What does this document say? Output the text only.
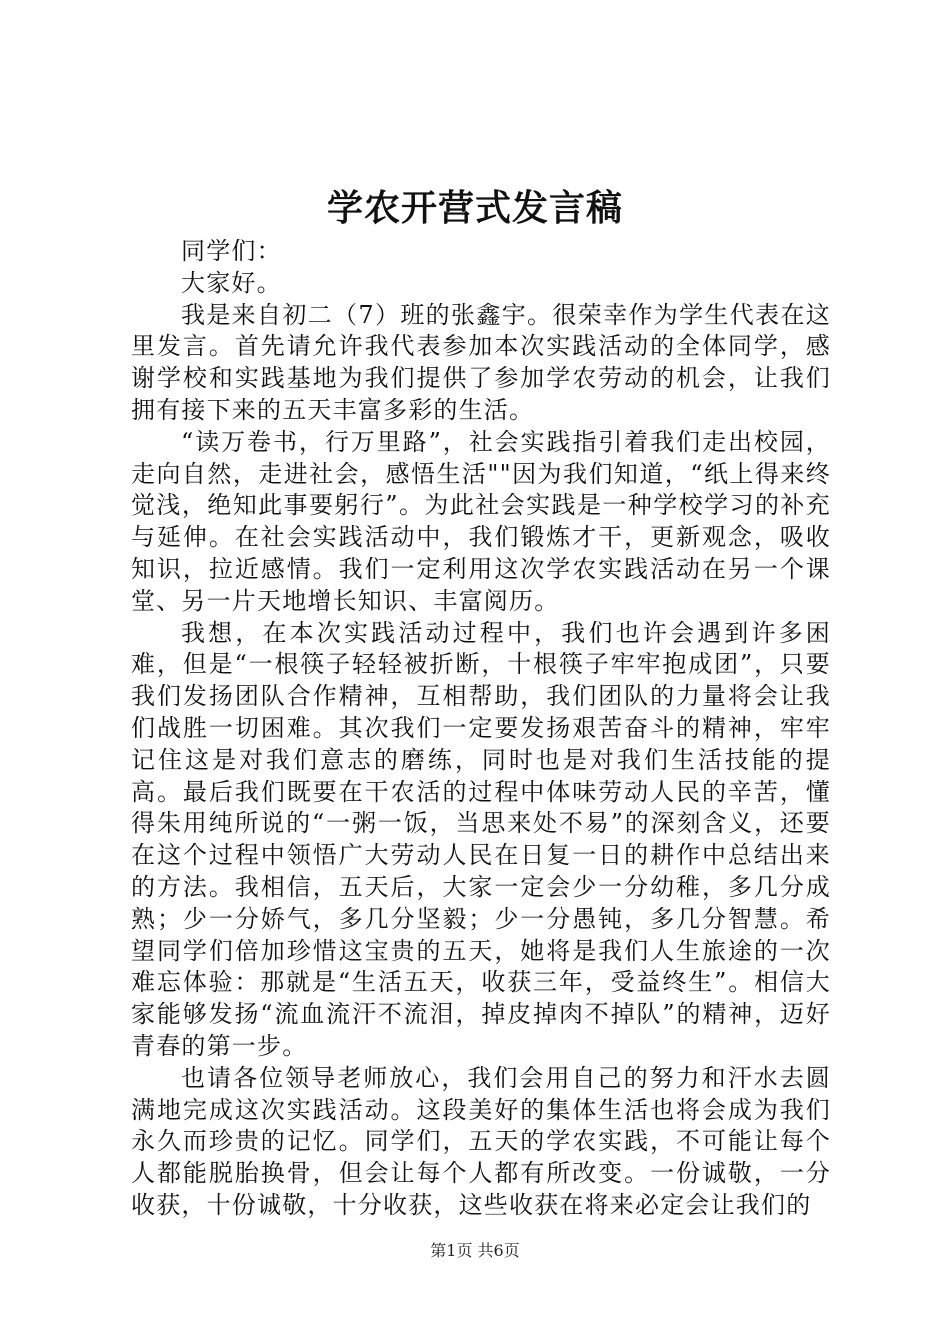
学农开营式发言稿

同学们：

大家好。

我是来自初二（7）班的张鑫宇。很荣幸作为学生代表在这里发言。首先请允许我代表参加本次实践活动的全体同学，感谢学校和实践基地为我们提供了参加学农劳动的机会，让我们拥有接下来的五天丰富多彩的生活。

“读万卷书，行万里路”，社会实践指引着我们走出校园，走向自然，走进社会，感悟生活""因为我们知道，“纸上得来终觉浅，绝知此事要躬行”。为此社会实践是一种学校学习的补充与延伸。在社会实践活动中，我们锻炼才干，更新观念，吸收知识，拉近感情。我们一定利用这次学农实践活动在另一个课堂、另一片天地增长知识、丰富阅历。

我想，在本次实践活动过程中，我们也许会遇到许多困难，但是“一根筷子轻轻被折断，十根筷子牢牢抱成团”，只要我们发扬团队合作精神，互相帮助，我们团队的力量将会让我们战胜一切困难。其次我们一定要发扬艰苦奋斗的精神，牢牢记住这是对我们意志的磨练，同时也是对我们生活技能的提高。最后我们既要在干农活的过程中体味劳动人民的辛苦，懂得朱用纯所说的“一粥一饭，当思来处不易”的深刻含义，还要在这个过程中领悟广大劳动人民在日复一日的耕作中总结出来的方法。我相信，五天后，大家一定会少一分幼稚，多几分成熟；少一分娇气，多几分坚毅；少一分愚钝，多几分智慧。希望同学们倍加珍惜这宝贵的五天，她将是我们人生旅途的一次难忘体验：那就是“生活五天，收获三年，受益终生”。相信大家能够发扬“流血流汗不流泪，掉皮掉肉不掉队”的精神，迈好青春的第一步。

也请各位领导老师放心，我们会用自己的努力和汗水去圆满地完成这次实践活动。这段美好的集体生活也将会成为我们永久而珍贵的记忆。同学们，五天的学农实践，不可能让每个人都能脱胎换骨，但会让每个人都有所改变。一份诚敬，一分收获，十份诚敬，十分收获，这些收获在将来必定会让我们的

第1页 共6页
